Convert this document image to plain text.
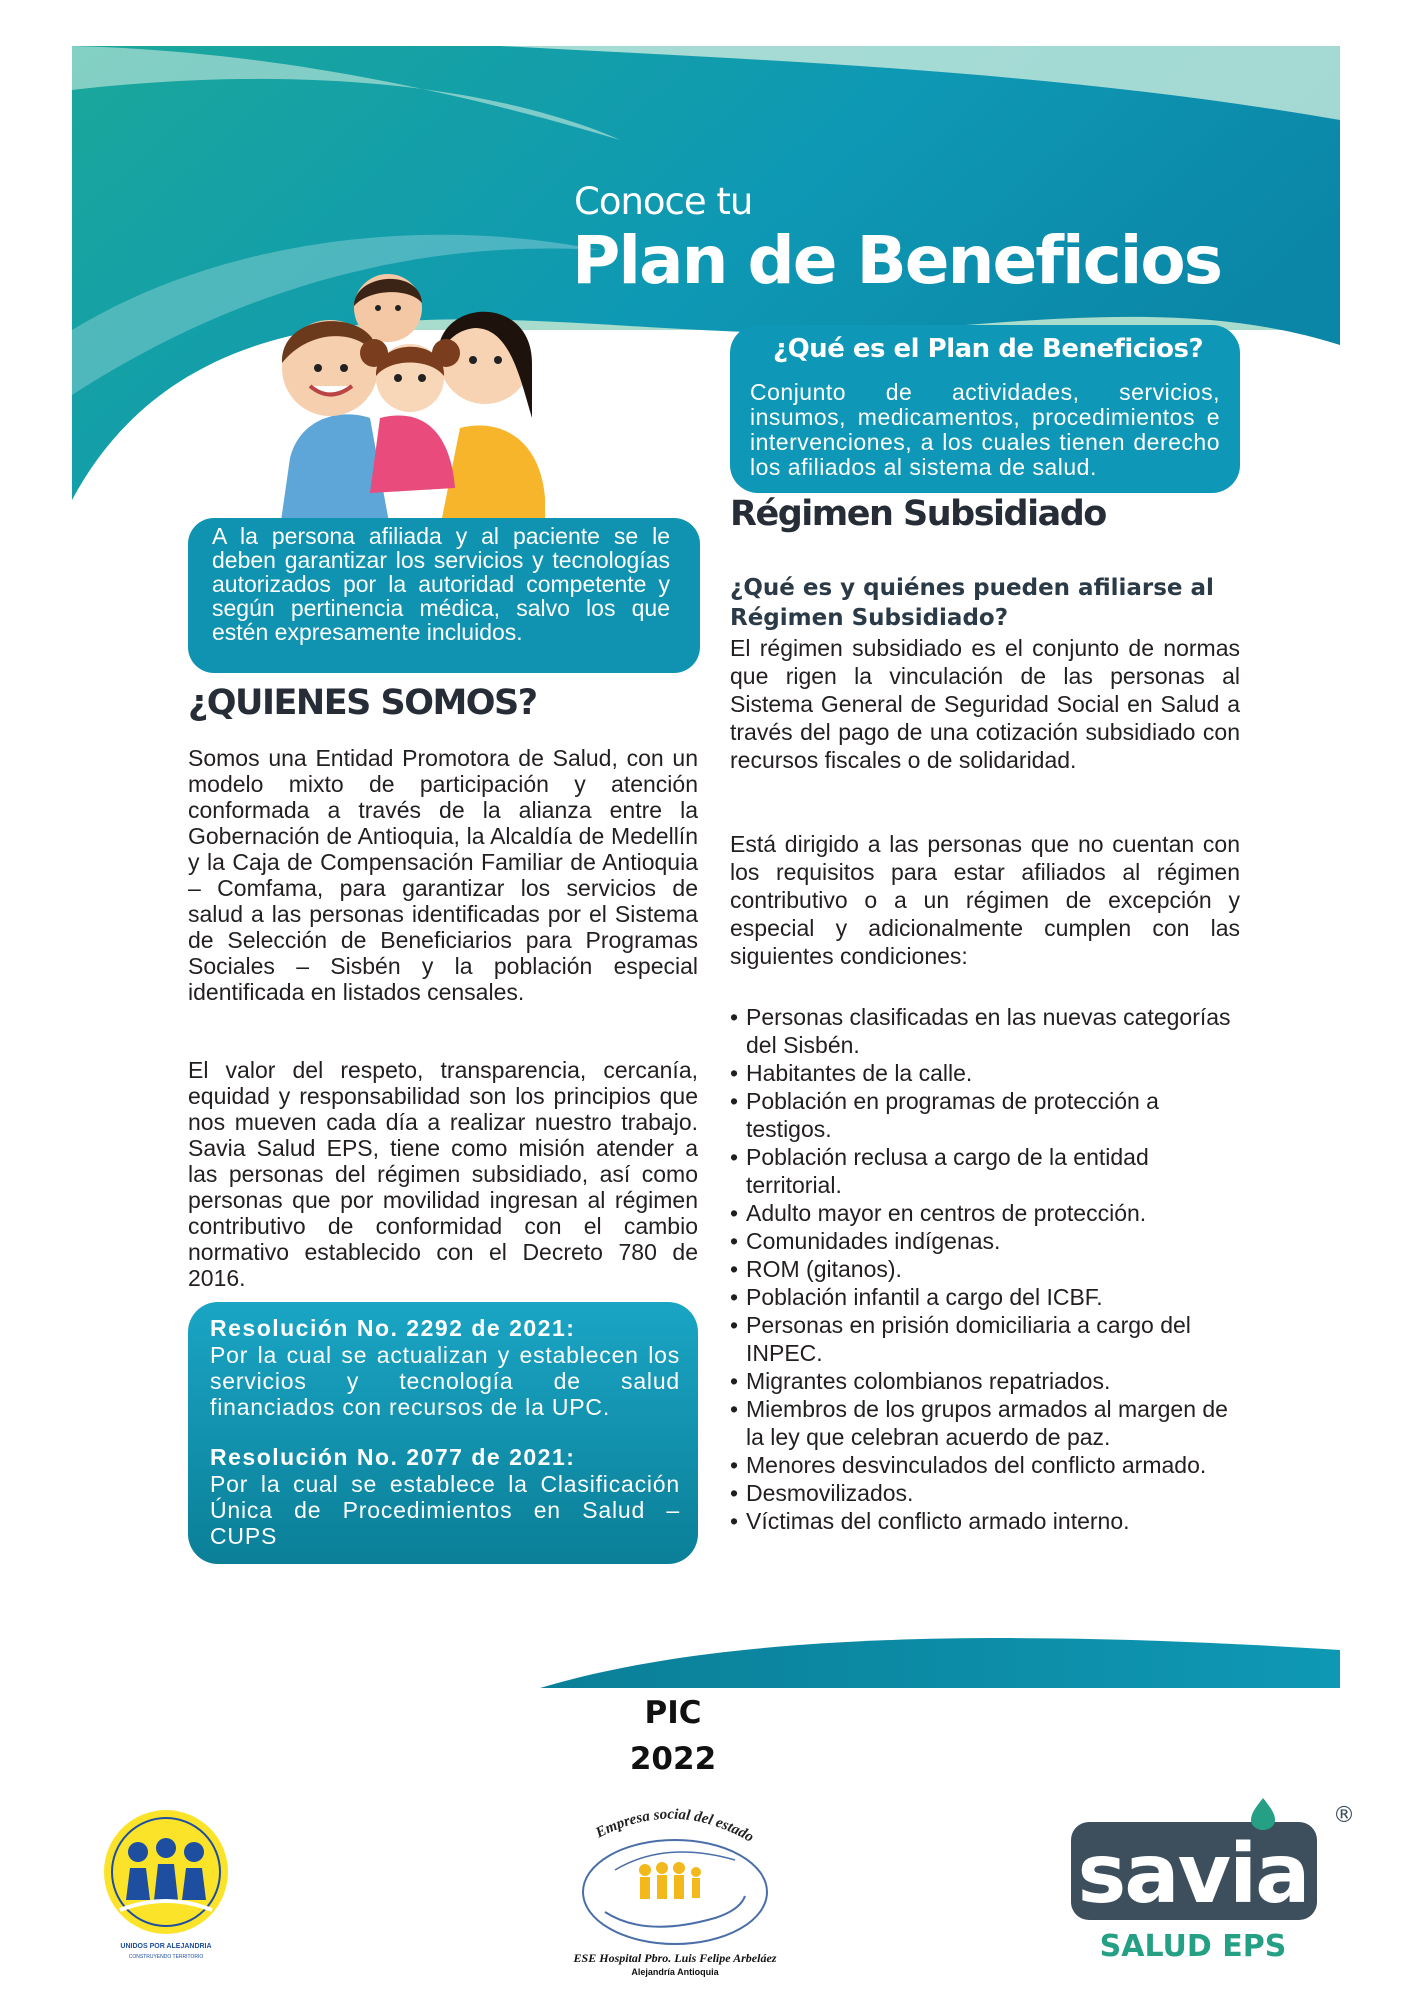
Conoce tu
Plan de Beneficios
¿Qué es el Plan de Beneficios?
Conjunto de actividades, servicios, insumos, medicamentos, procedimientos e intervenciones, a los cuales tienen derecho los afiliados al sistema de salud.
A la persona afiliada y al paciente se le deben garantizar los servicios y tecnologías autorizados por la autoridad competente y según pertinencia médica, salvo los que estén expresamente incluidos.
¿QUIENES SOMOS?
Somos una Entidad Promotora de Salud, con un modelo mixto de participación y atención conformada a través de la alianza entre la Gobernación de Antioquia, la Alcaldía de Medellín y la Caja de Compensación Familiar de Antioquia – Comfama, para garantizar los servicios de salud a las personas identificadas por el Sistema de Selección de Beneficiarios para Programas Sociales – Sisbén y la población especial identificada en listados censales.
El valor del respeto, transparencia, cercanía, equidad y responsabilidad son los principios que nos mueven cada día a realizar nuestro trabajo. Savia Salud EPS, tiene como misión atender a las personas del régimen subsidiado, así como personas que por movilidad ingresan al régimen contributivo de conformidad con el cambio normativo establecido con el Decreto 780 de 2016.
Resolución No. 2292 de 2021:
Por la cual se actualizan y establecen los servicios y tecnología de salud financiados con recursos de la UPC.
Resolución No. 2077 de 2021:
Por la cual se establece la Clasificación Única de Procedimientos en Salud – CUPS
Régimen Subsidiado
¿Qué es y quiénes pueden afiliarse al Régimen Subsidiado?
El régimen subsidiado es el conjunto de normas que rigen la vinculación de las personas al Sistema General de Seguridad Social en Salud a través del pago de una cotización subsidiado con recursos fiscales o de solidaridad.
Está dirigido a las personas que no cuentan con los requisitos para estar afiliados al régimen contributivo o a un régimen de excepción y especial y adicionalmente cumplen con las siguientes condiciones:
• Personas clasificadas en las nuevas categorías del Sisbén.
• Habitantes de la calle.
• Población en programas de protección a testigos.
• Población reclusa a cargo de la entidad territorial.
• Adulto mayor en centros de protección.
• Comunidades indígenas.
• ROM (gitanos).
• Población infantil a cargo del ICBF.
• Personas en prisión domiciliaria a cargo del INPEC.
• Migrantes colombianos repatriados.
• Miembros de los grupos armados al margen de la ley que celebran acuerdo de paz.
• Menores desvinculados del conflicto armado.
• Desmovilizados.
• Víctimas del conflicto armado interno.
PIC
2022
UNIDOS POR ALEJANDRIA
CONSTRUYENDO TERRITORIO
Empresa social del estado
ESE Hospital Pbro. Luis Felipe Arbeláez
Alejandría Antioquia
savia
®
SALUD EPS
